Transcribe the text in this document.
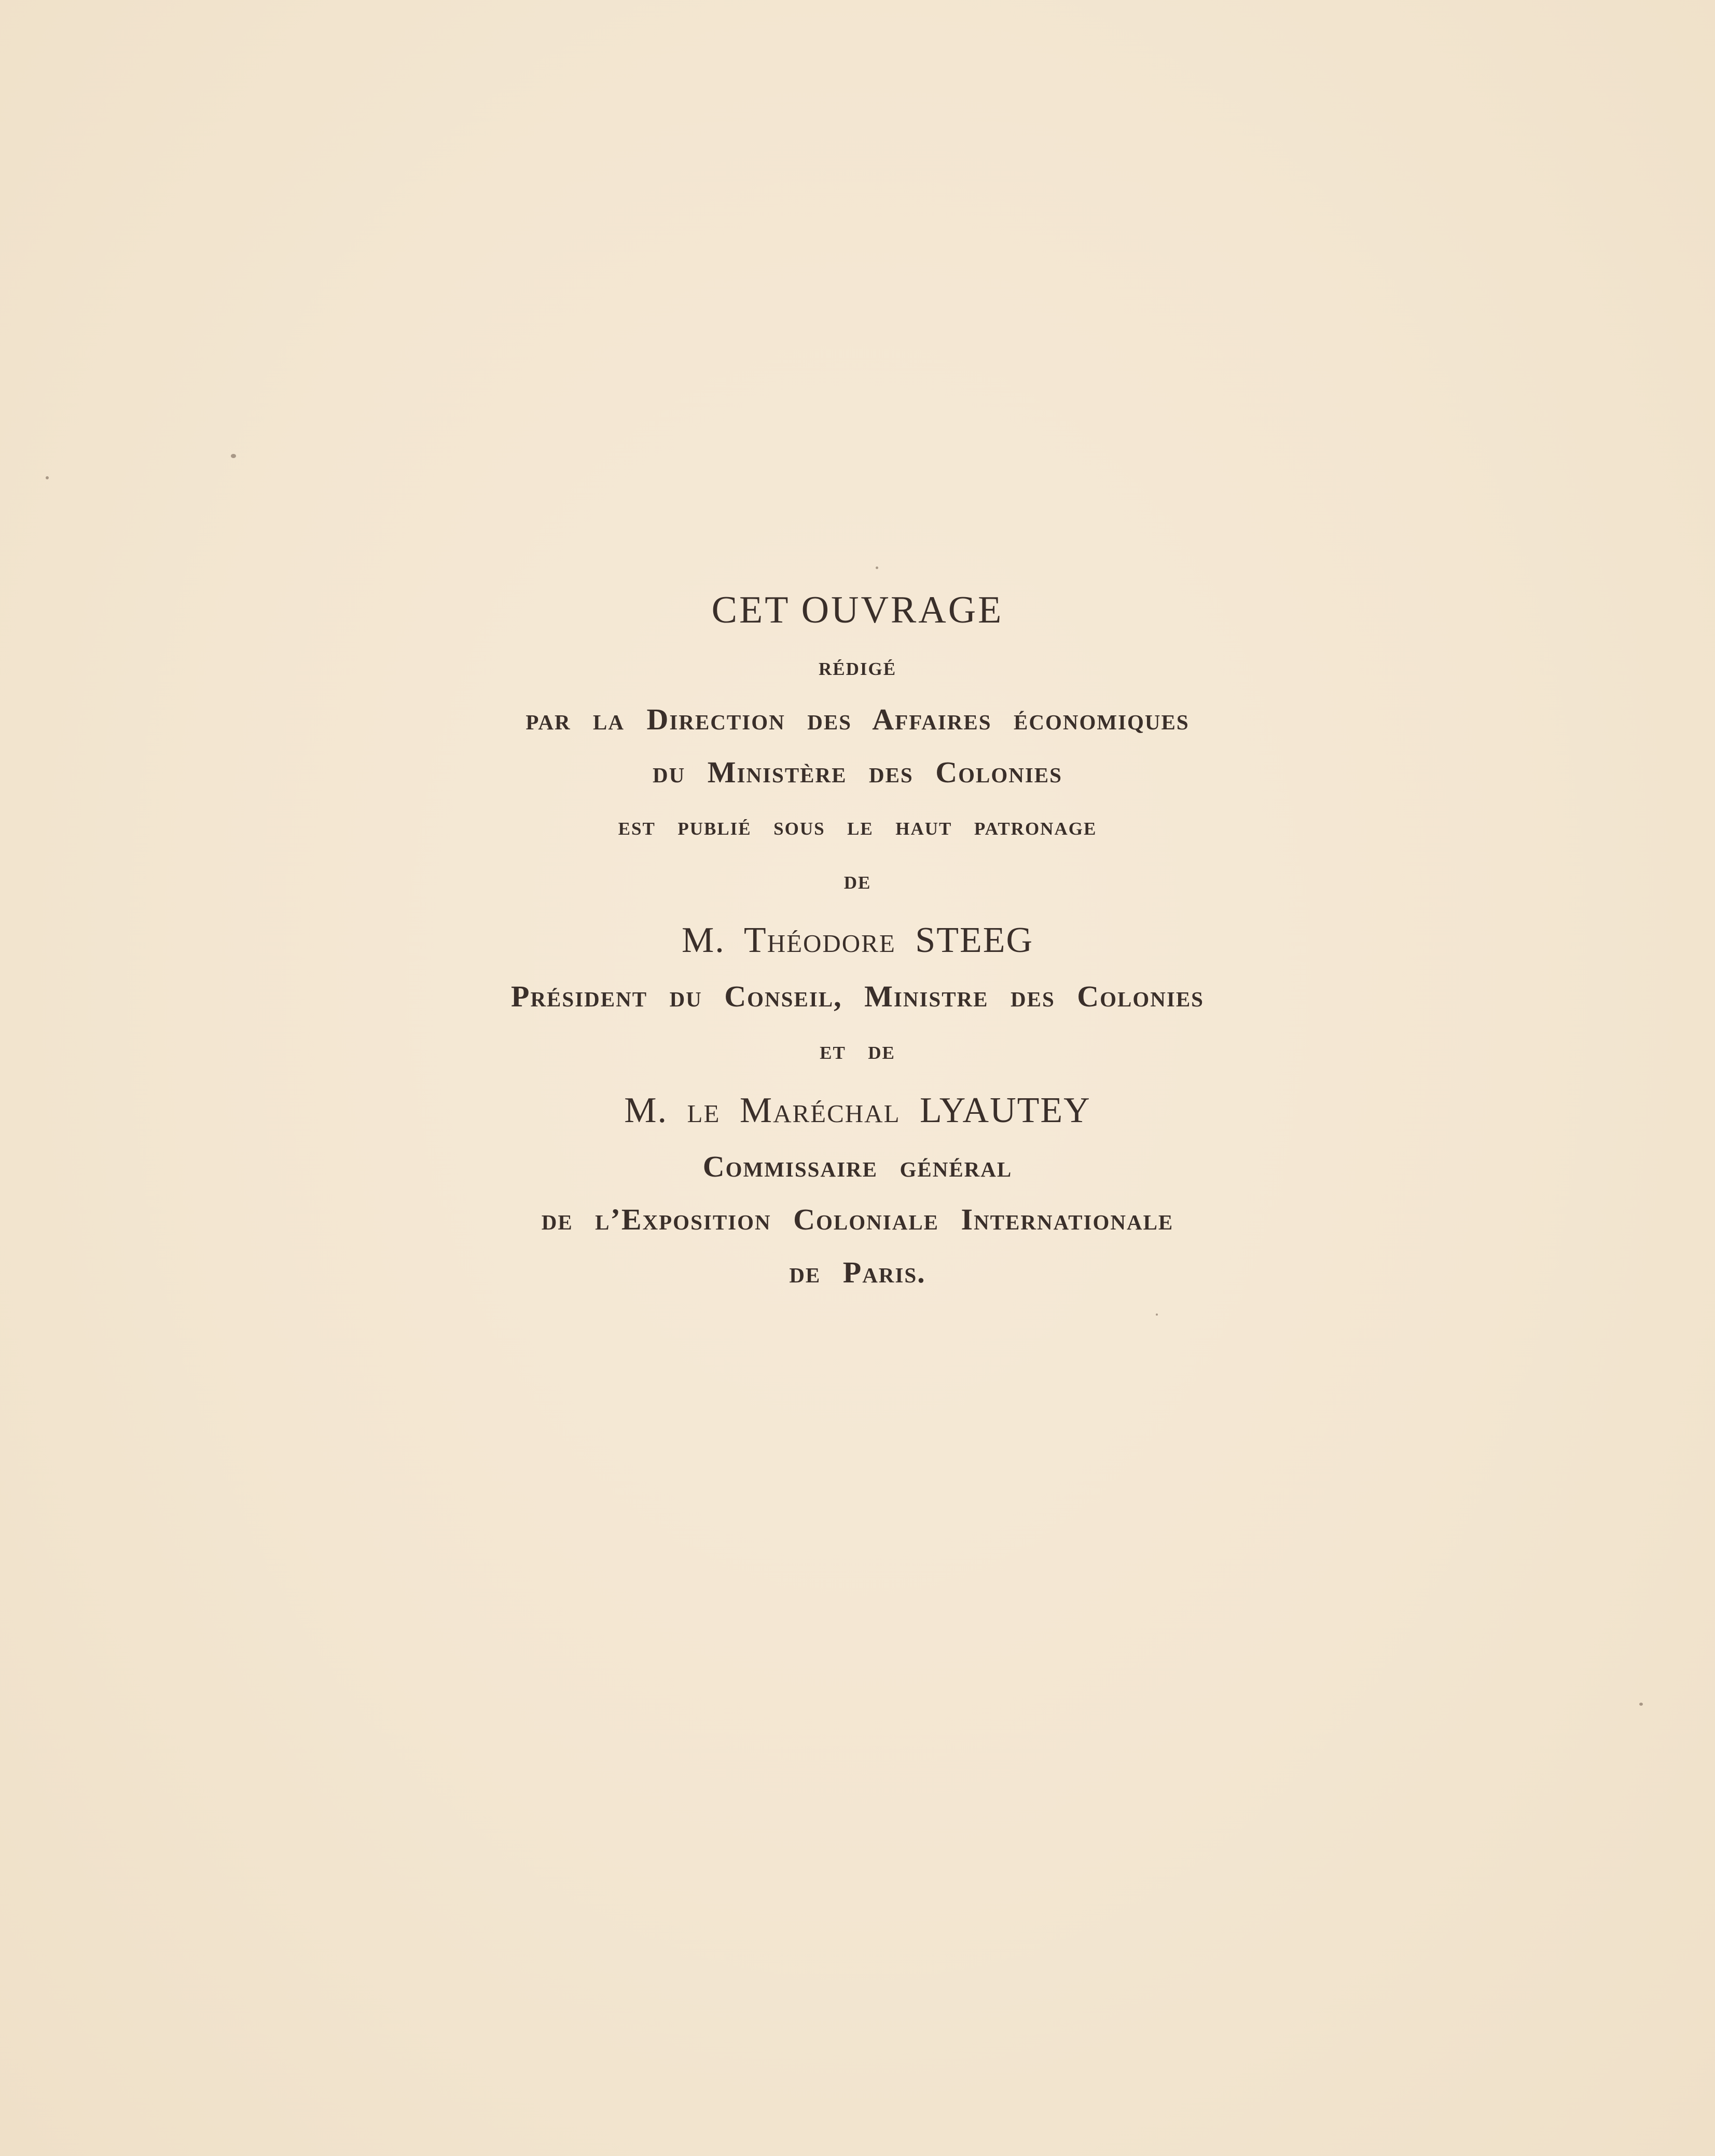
CET OUVRAGE
rédigé
par la Direction des Affaires économiques
du Ministère des Colonies
est publié sous le haut patronage
de
M. Théodore STEEG
Président du Conseil, Ministre des Colonies
et de
M. le Maréchal LYAUTEY
Commissaire général
de l’Exposition Coloniale Internationale
de Paris.
